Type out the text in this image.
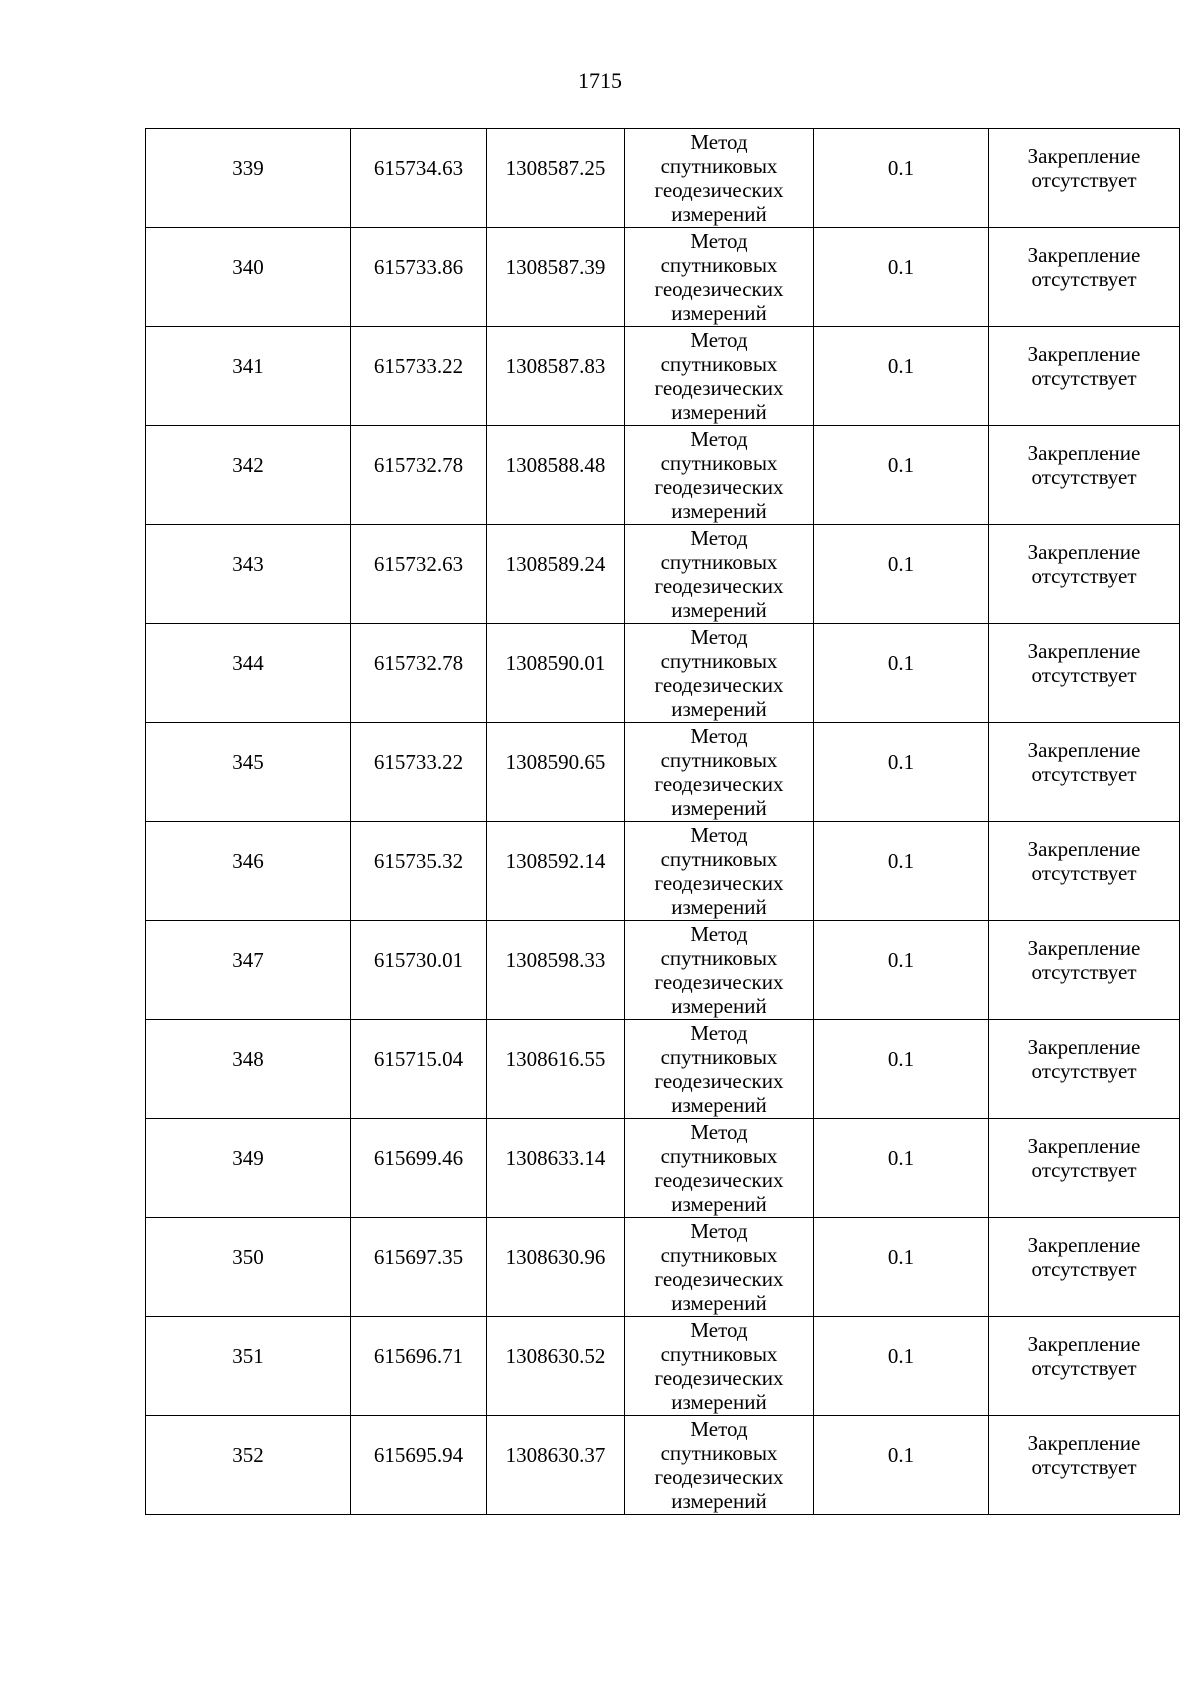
1715
339	615734.63	1308587.25	Метод
спутниковых
геодезических
измерений	0.1	Закрепление
отсутствует

340	615733.86	1308587.39	Метод
спутниковых
геодезических
измерений	0.1	Закрепление
отсутствует

341	615733.22	1308587.83	Метод
спутниковых
геодезических
измерений	0.1	Закрепление
отсутствует

342	615732.78	1308588.48	Метод
спутниковых
геодезических
измерений	0.1	Закрепление
отсутствует

343	615732.63	1308589.24	Метод
спутниковых
геодезических
измерений	0.1	Закрепление
отсутствует

344	615732.78	1308590.01	Метод
спутниковых
геодезических
измерений	0.1	Закрепление
отсутствует

345	615733.22	1308590.65	Метод
спутниковых
геодезических
измерений	0.1	Закрепление
отсутствует

346	615735.32	1308592.14	Метод
спутниковых
геодезических
измерений	0.1	Закрепление
отсутствует

347	615730.01	1308598.33	Метод
спутниковых
геодезических
измерений	0.1	Закрепление
отсутствует

348	615715.04	1308616.55	Метод
спутниковых
геодезических
измерений	0.1	Закрепление
отсутствует

349	615699.46	1308633.14	Метод
спутниковых
геодезических
измерений	0.1	Закрепление
отсутствует

350	615697.35	1308630.96	Метод
спутниковых
геодезических
измерений	0.1	Закрепление
отсутствует

351	615696.71	1308630.52	Метод
спутниковых
геодезических
измерений	0.1	Закрепление
отсутствует

352	615695.94	1308630.37	Метод
спутниковых
геодезических
измерений	0.1	Закрепление
отсутствует
